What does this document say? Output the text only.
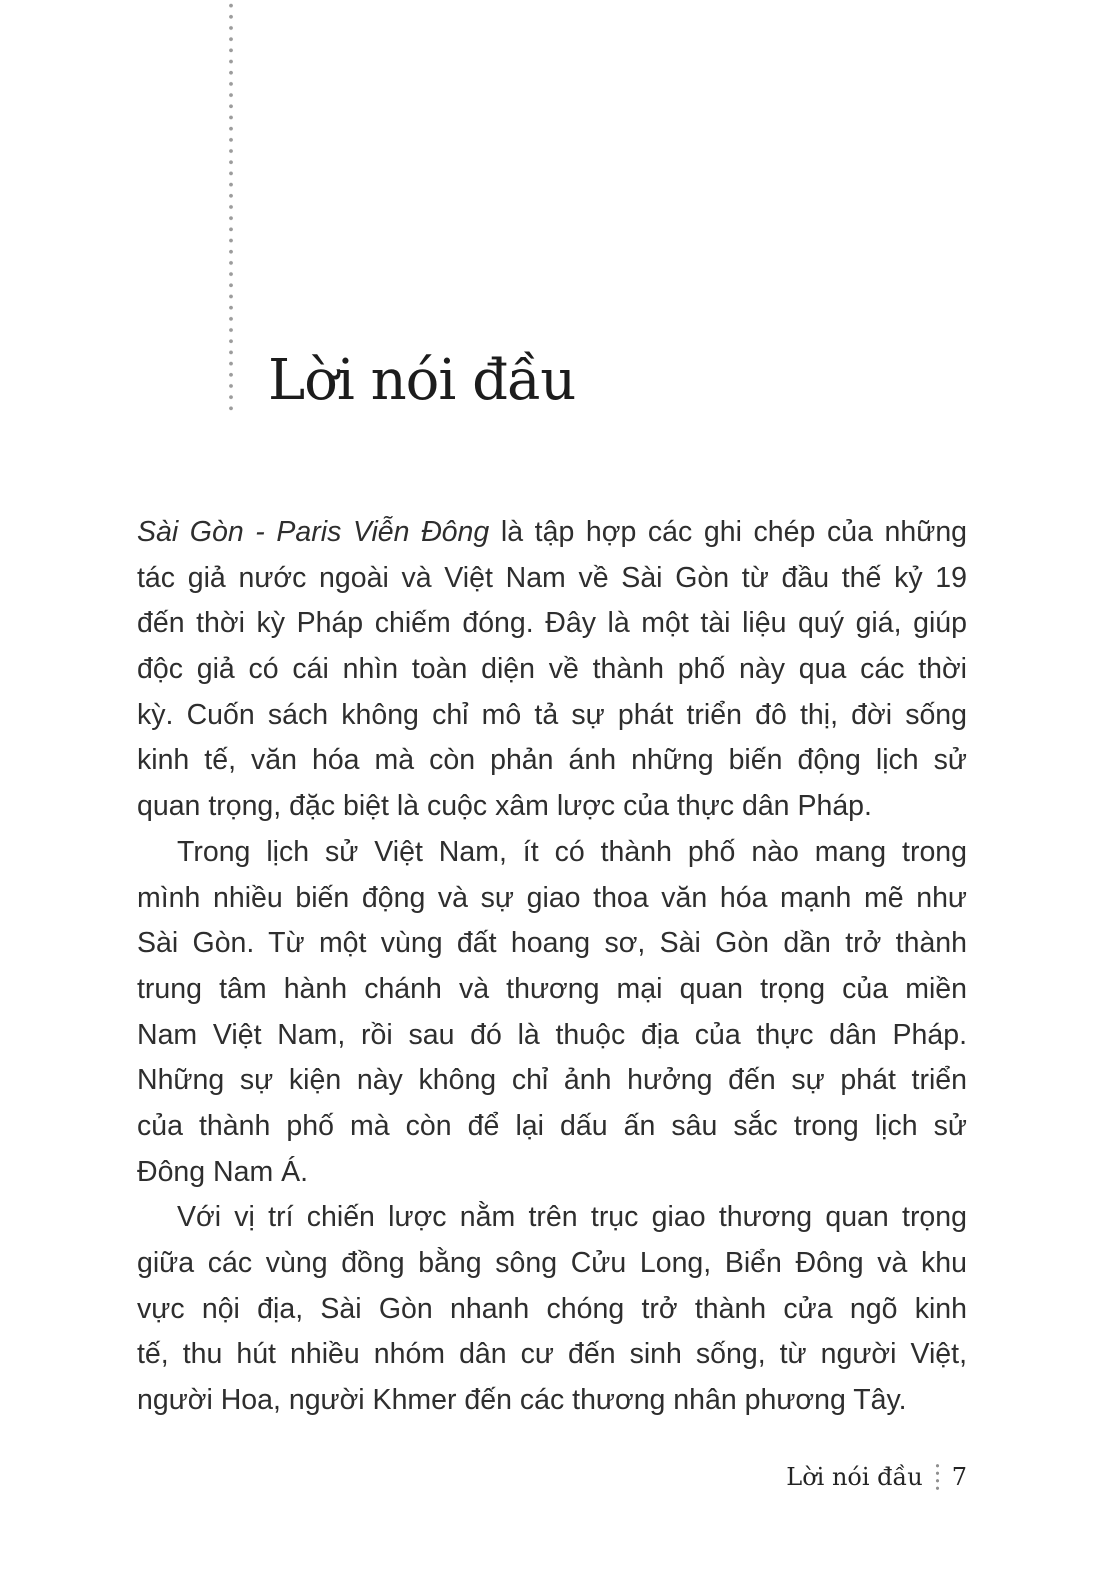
Lời nói đầu
Sài Gòn - Paris Viễn Đông là tập hợp các ghi chép của những
tác giả nước ngoài và Việt Nam về Sài Gòn từ đầu thế kỷ 19
đến thời kỳ Pháp chiếm đóng. Đây là một tài liệu quý giá, giúp
độc giả có cái nhìn toàn diện về thành phố này qua các thời
kỳ. Cuốn sách không chỉ mô tả sự phát triển đô thị, đời sống
kinh tế, văn hóa mà còn phản ánh những biến động lịch sử
quan trọng, đặc biệt là cuộc xâm lược của thực dân Pháp.
Trong lịch sử Việt Nam, ít có thành phố nào mang trong
mình nhiều biến động và sự giao thoa văn hóa mạnh mẽ như
Sài Gòn. Từ một vùng đất hoang sơ, Sài Gòn dần trở thành
trung tâm hành chánh và thương mại quan trọng của miền
Nam Việt Nam, rồi sau đó là thuộc địa của thực dân Pháp.
Những sự kiện này không chỉ ảnh hưởng đến sự phát triển
của thành phố mà còn để lại dấu ấn sâu sắc trong lịch sử
Đông Nam Á.
Với vị trí chiến lược nằm trên trục giao thương quan trọng
giữa các vùng đồng bằng sông Cửu Long, Biển Đông và khu
vực nội địa, Sài Gòn nhanh chóng trở thành cửa ngõ kinh
tế, thu hút nhiều nhóm dân cư đến sinh sống, từ người Việt,
người Hoa, người Khmer đến các thương nhân phương Tây.
Lời nói đầu 7
